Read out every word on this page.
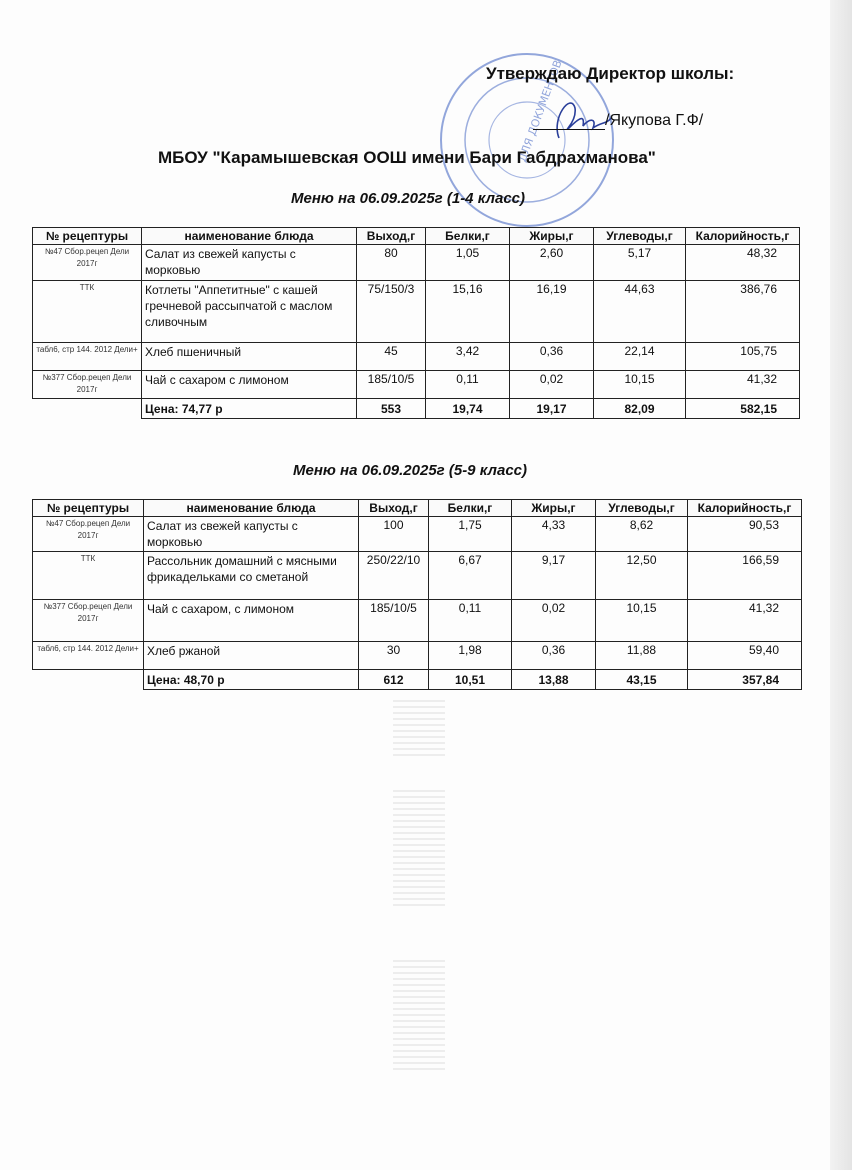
ДЛЯ ДОКУМЕНТОВ
Утверждаю Директор школы:
/Якупова Г.Ф/
МБОУ "Карамышевская ООШ имени Бари Габдрахманова"
Меню на 06.09.2025г (1-4 класс)
№ рецептуры	наименование блюда	Выход,г	Белки,г	Жиры,г	Углеводы,г	Калорийность,г
№47 Сбор.рецеп Дели 2017г	Салат из свежей капусты с морковью	80	1,05	2,60	5,17	48,32
ТТК	Котлеты "Аппетитные" с кашей гречневой рассыпчатой с маслом сливочным	75/150/3	15,16	16,19	44,63	386,76
табл6, стр 144. 2012 Дели+	Хлеб пшеничный	45	3,42	0,36	22,14	105,75
№377 Сбор.рецеп Дели 2017г	Чай с сахаром с лимоном	185/10/5	0,11	0,02	10,15	41,32
	Цена: 74,77 р	553	19,74	19,17	82,09	582,15
Меню на 06.09.2025г (5-9 класс)
№ рецептуры	наименование блюда	Выход,г	Белки,г	Жиры,г	Углеводы,г	Калорийность,г
№47 Сбор.рецеп Дели 2017г	Салат из свежей капусты с морковью	100	1,75	4,33	8,62	90,53
ТТК	Рассольник домашний с мясными фрикадельками со сметаной	250/22/10	6,67	9,17	12,50	166,59
№377 Сбор.рецеп Дели 2017г	Чай с сахаром, с лимоном	185/10/5	0,11	0,02	10,15	41,32
табл6, стр 144. 2012 Дели+	Хлеб ржаной	30	1,98	0,36	11,88	59,40
	Цена: 48,70 р	612	10,51	13,88	43,15	357,84
